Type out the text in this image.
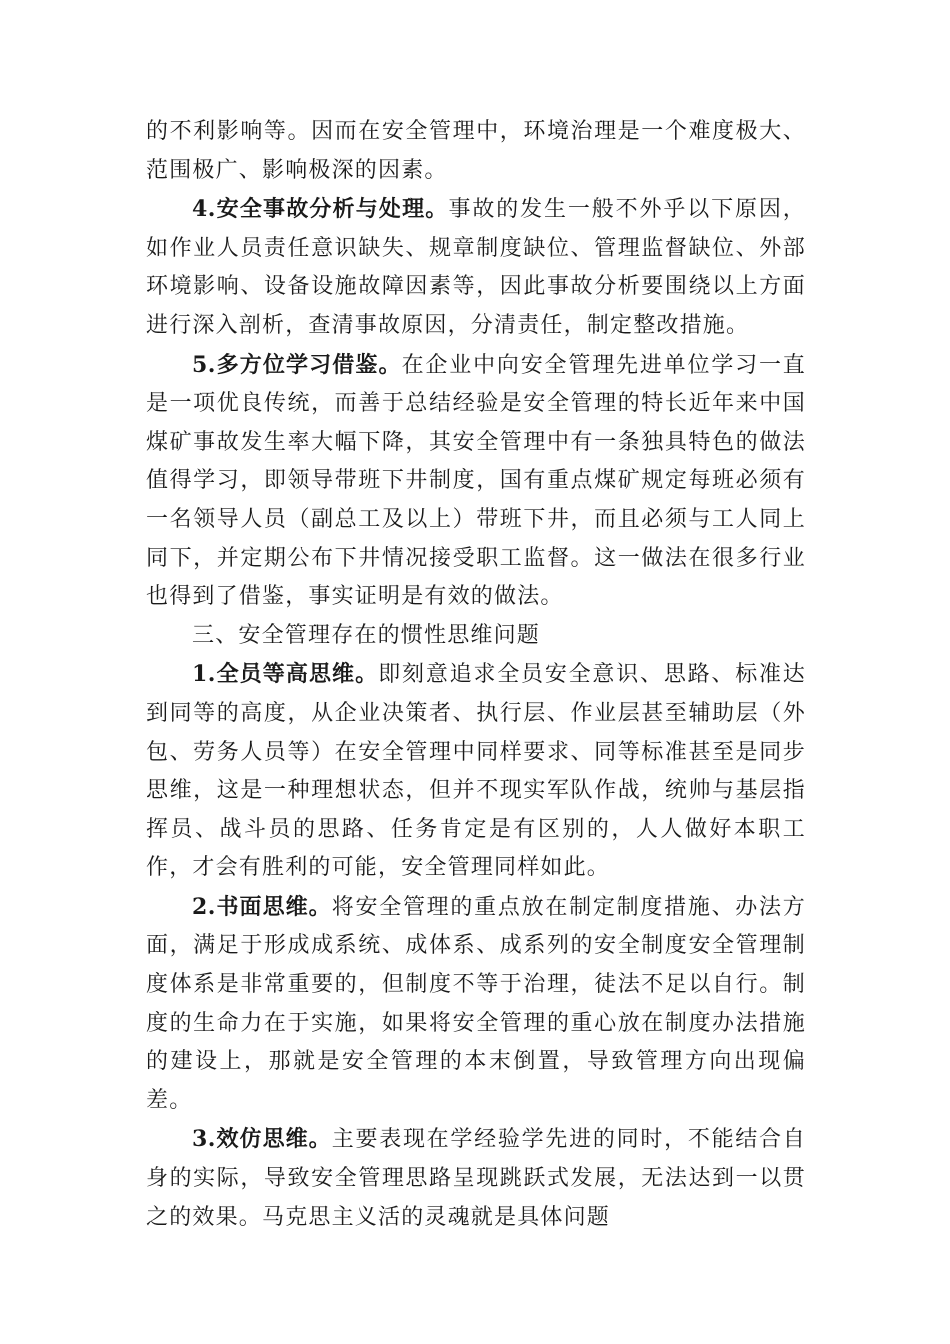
的不利影响等。因而在安全管理中，环境治理是一个难度极大、范围极广、影响极深的因素。

4.安全事故分析与处理。事故的发生一般不外乎以下原因，如作业人员责任意识缺失、规章制度缺位、管理监督缺位、外部环境影响、设备设施故障因素等，因此事故分析要围绕以上方面进行深入剖析，查清事故原因，分清责任，制定整改措施。

5.多方位学习借鉴。在企业中向安全管理先进单位学习一直是一项优良传统，而善于总结经验是安全管理的特长近年来中国煤矿事故发生率大幅下降，其安全管理中有一条独具特色的做法值得学习，即领导带班下井制度，国有重点煤矿规定每班必须有一名领导人员（副总工及以上）带班下井，而且必须与工人同上同下，并定期公布下井情况接受职工监督。这一做法在很多行业也得到了借鉴，事实证明是有效的做法。

三、安全管理存在的惯性思维问题

1.全员等高思维。即刻意追求全员安全意识、思路、标准达到同等的高度，从企业决策者、执行层、作业层甚至辅助层（外包、劳务人员等）在安全管理中同样要求、同等标准甚至是同步思维，这是一种理想状态，但并不现实军队作战，统帅与基层指挥员、战斗员的思路、任务肯定是有区别的，人人做好本职工作，才会有胜利的可能，安全管理同样如此。

2.书面思维。将安全管理的重点放在制定制度措施、办法方面，满足于形成成系统、成体系、成系列的安全制度安全管理制度体系是非常重要的，但制度不等于治理，徒法不足以自行。制度的生命力在于实施，如果将安全管理的重心放在制度办法措施的建设上，那就是安全管理的本末倒置，导致管理方向出现偏差。

3.效仿思维。主要表现在学经验学先进的同时，不能结合自身的实际，导致安全管理思路呈现跳跃式发展，无法达到一以贯之的效果。马克思主义活的灵魂就是具体问题
